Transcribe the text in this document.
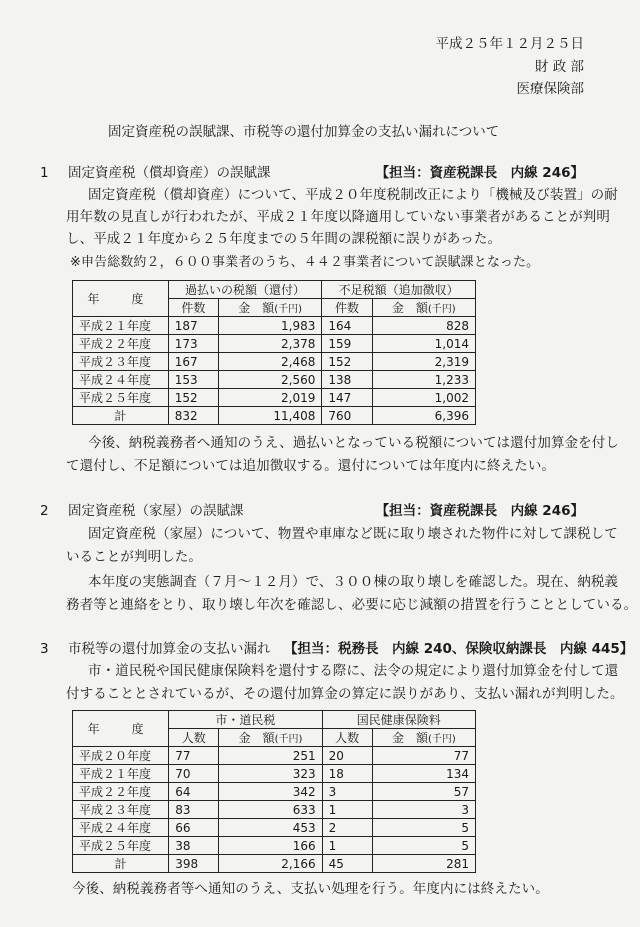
平成２５年１２月２５日
財 政 部
医療保険部
固定資産税の誤賦課、市税等の還付加算金の支払い漏れについて
1 固定資産税（償却資産）の誤賦課	【担当：資産税課長　内線 246】
固定資産税（償却資産）について、平成２０年度税制改正により「機械及び装置」の耐
用年数の見直しが行われたが、平成２１年度以降適用していない事業者があることが判明
し、平成２１年度から２５年度までの５年間の課税額に誤りがあった。
※申告総数約２，６００事業者のうち、４４２事業者について誤賦課となった。
年　度	過払いの税額（還付）		不足税額（追加徴収）	
	件数	金　額(千円)	件数	金　額(千円)
平成２１年度	187	1,983	164	828
平成２２年度	173	2,378	159	1,014
平成２３年度	167	2,468	152	2,319
平成２４年度	153	2,560	138	1,233
平成２５年度	152	2,019	147	1,002
計	832	11,408	760	6,396
今後、納税義務者へ通知のうえ、過払いとなっている税額については還付加算金を付し
て還付し、不足額については追加徴収する。還付については年度内に終えたい。
2 固定資産税（家屋）の誤賦課	【担当：資産税課長　内線 246】
固定資産税（家屋）について、物置や車庫など既に取り壊された物件に対して課税して
いることが判明した。
本年度の実態調査（７月～１２月）で、３００棟の取り壊しを確認した。現在、納税義
務者等と連絡をとり、取り壊し年次を確認し、必要に応じ減額の措置を行うこととしている。
3 市税等の還付加算金の支払い漏れ 【担当：税務長　内線 240、保険収納課長　内線 445】
市・道民税や国民健康保険料を還付する際に、法令の規定により還付加算金を付して還
付することとされているが、その還付加算金の算定に誤りがあり、支払い漏れが判明した。
年　度	市・道民税		国民健康保険料	
	人数	金　額(千円)	人数	金　額(千円)
平成２０年度	77	251	20	77
平成２１年度	70	323	18	134
平成２２年度	64	342	3	57
平成２３年度	83	633	1	3
平成２４年度	66	453	2	5
平成２５年度	38	166	1	5
計	398	2,166	45	281
今後、納税義務者等へ通知のうえ、支払い処理を行う。年度内には終えたい。
